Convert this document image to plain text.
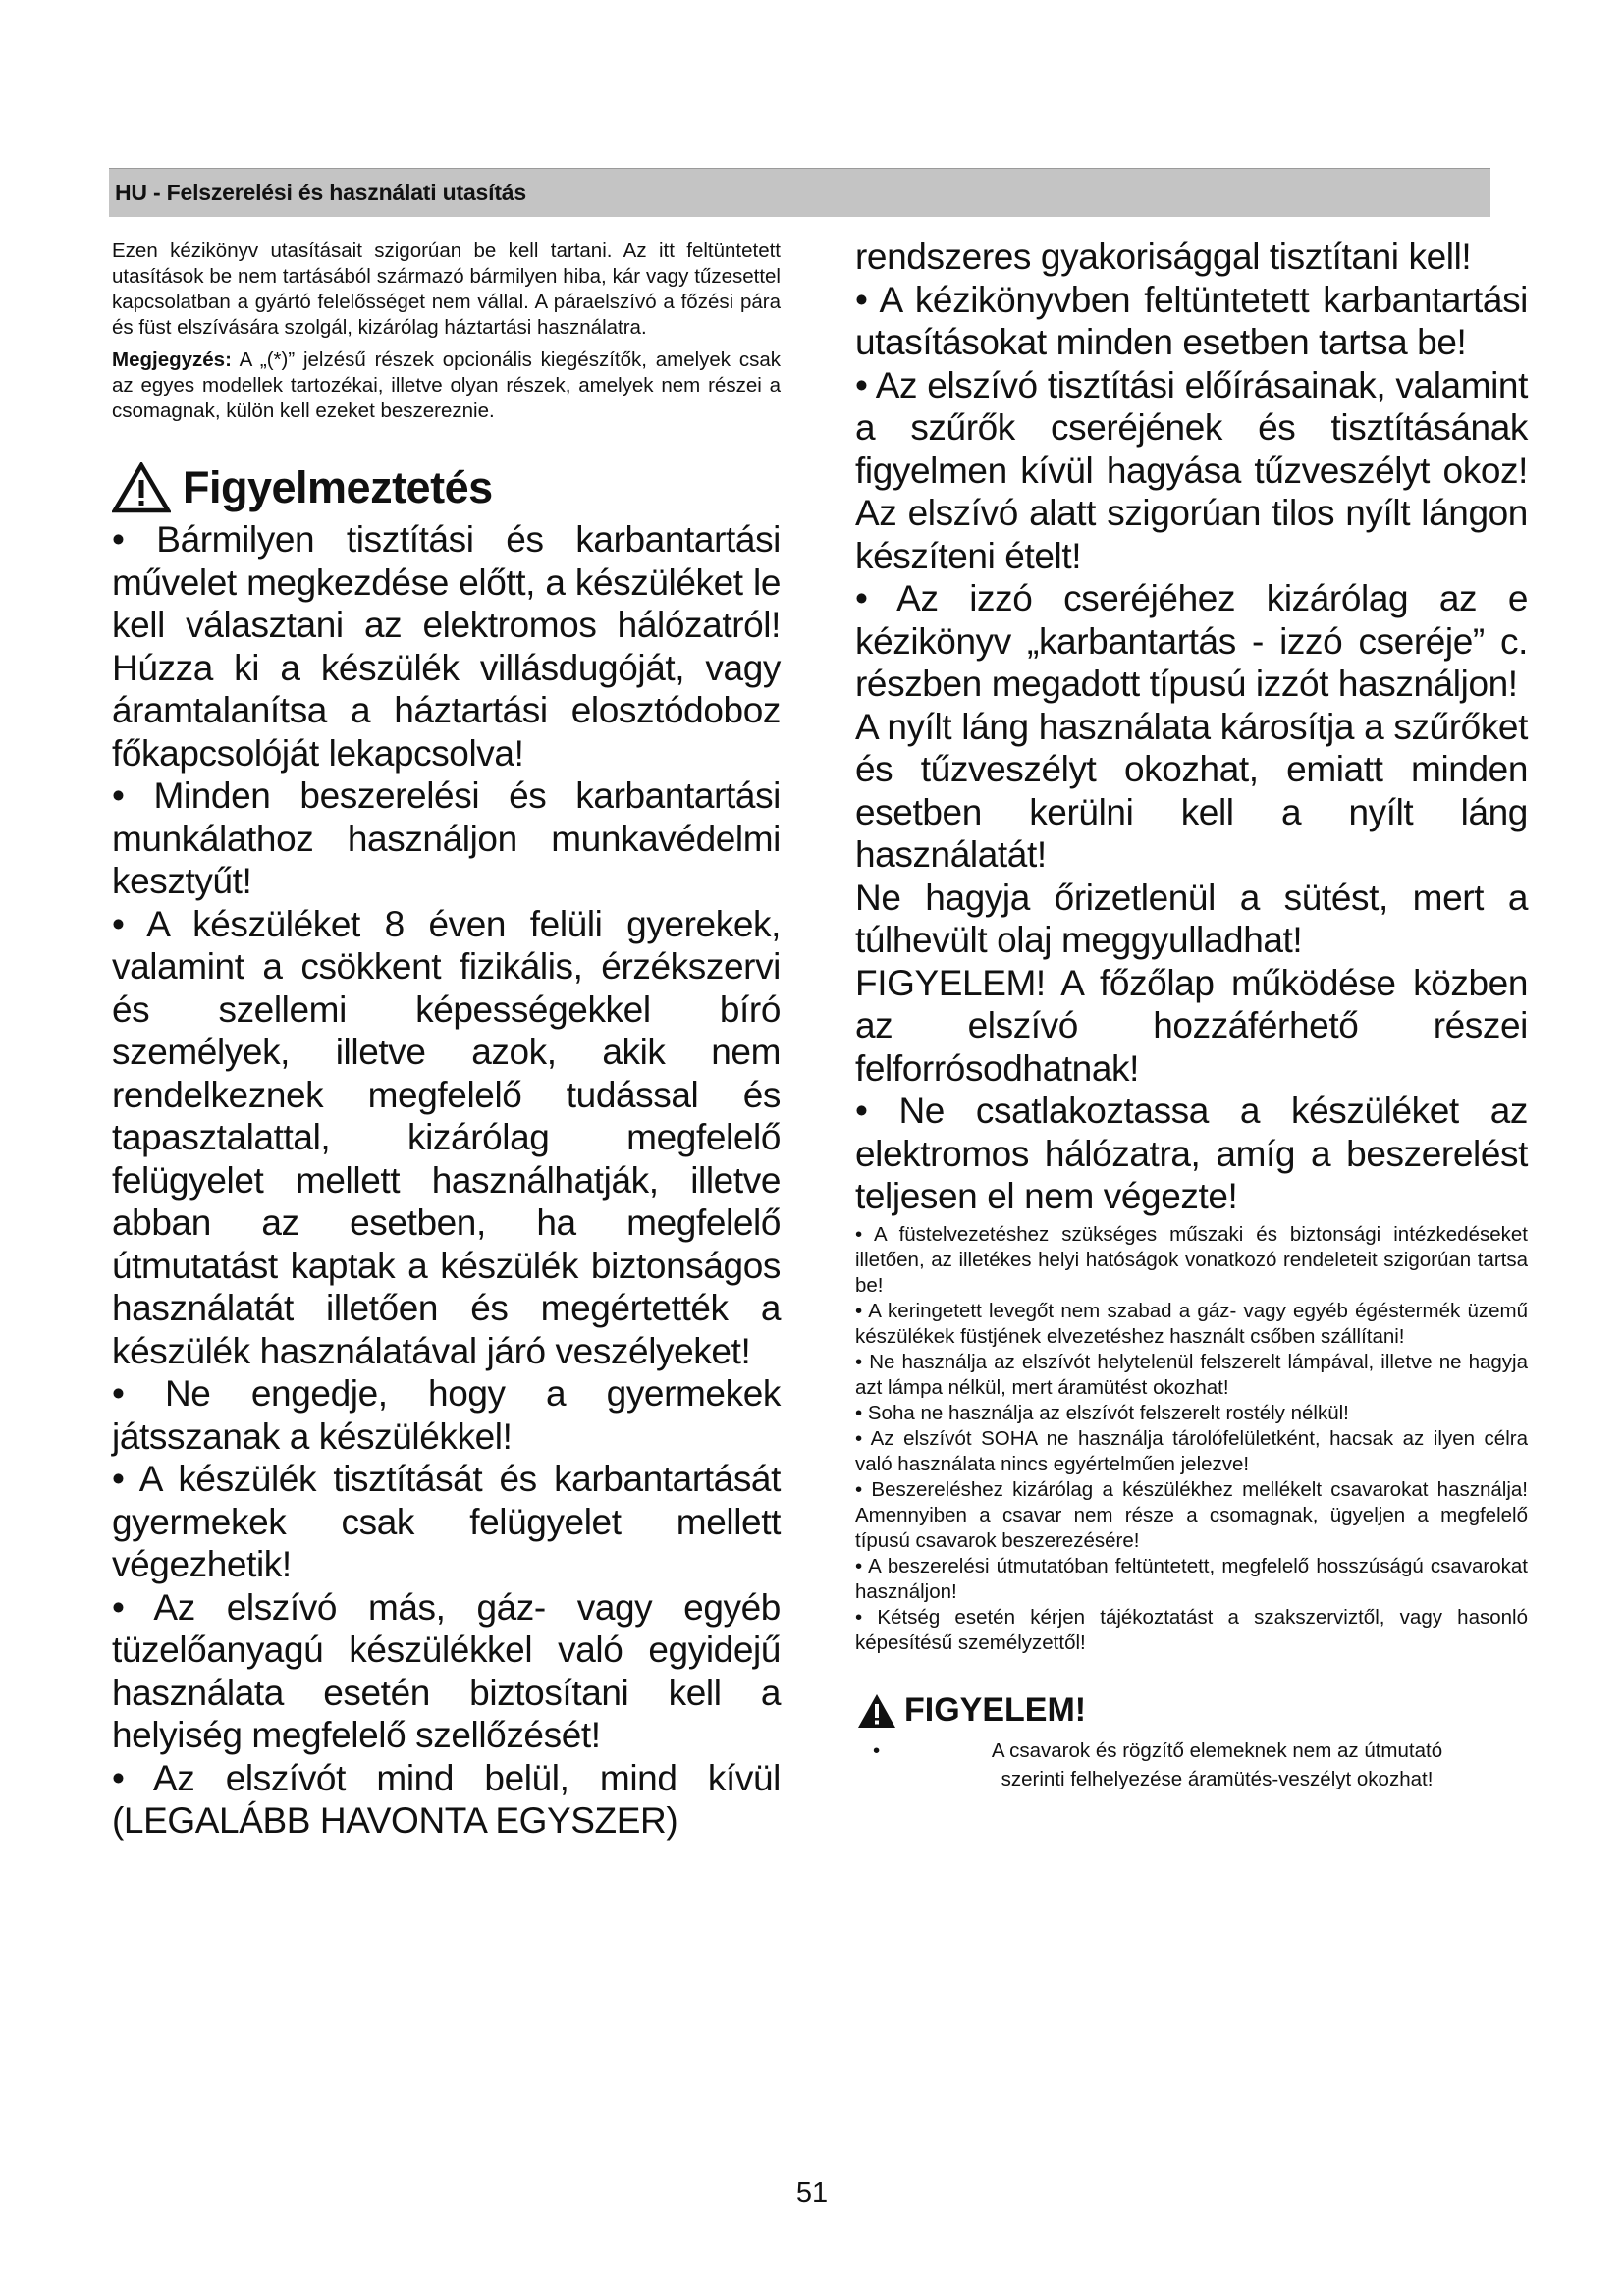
HU - Felszerelési és használati utasítás

Ezen kézikönyv utasításait szigorúan be kell tartani. Az itt feltüntetett utasítások be nem tartásából származó bármilyen hiba, kár vagy tűzesettel kapcsolatban a gyártó felelősséget nem vállal. A páraelszívó a főzési pára és füst elszívására szolgál, kizárólag háztartási használatra.

Megjegyzés: A „(*)” jelzésű részek opcionális kiegészítők, amelyek csak az egyes modellek tartozékai, illetve olyan részek, amelyek nem részei a csomagnak, külön kell ezeket beszereznie.

Figyelmeztetés

• Bármilyen tisztítási és karbantartási művelet megkezdése előtt, a készüléket le kell választani az elektromos hálózatról! Húzza ki a készülék villásdugóját, vagy áramtalanítsa a háztartási elosztódoboz főkapcsolóját lekapcsolva!

• Minden beszerelési és karbantartási munkálathoz használjon munkavédelmi kesztyűt!

• A készüléket 8 éven felüli gyerekek, valamint a csökkent fizikális, érzékszervi és szellemi képességekkel bíró személyek, illetve azok, akik nem rendelkeznek megfelelő tudással és tapasztalattal, kizárólag megfelelő felügyelet mellett használhatják, illetve abban az esetben, ha megfelelő útmutatást kaptak a készülék biztonságos használatát illetően és megértették a készülék használatával járó veszélyeket!

• Ne engedje, hogy a gyermekek játsszanak a készülékkel!

• A készülék tisztítását és karbantartását gyermekek csak felügyelet mellett végezhetik!

• Az elszívó más, gáz- vagy egyéb tüzelőanyagú készülékkel való egyidejű használata esetén biztosítani kell a helyiség megfelelő szellőzését!

• Az elszívót mind belül, mind kívül (LEGALÁBB HAVONTA EGYSZER)

rendszeres gyakorisággal tisztítani kell!

• A kézikönyvben feltüntetett karbantartási utasításokat minden esetben tartsa be!

• Az elszívó tisztítási előírásainak, valamint a szűrők cseréjének és tisztításának figyelmen kívül hagyása tűzveszélyt okoz! Az elszívó alatt szigorúan tilos nyílt lángon készíteni ételt!

• Az izzó cseréjéhez kizárólag az e kézikönyv „karbantartás - izzó cseréje” c. részben megadott típusú izzót használjon!

A nyílt láng használata károsítja a szűrőket és tűzveszélyt okozhat, emiatt minden esetben kerülni kell a nyílt láng használatát!

Ne hagyja őrizetlenül a sütést, mert a túlhevült olaj meggyulladhat!

FIGYELEM! A főzőlap működése közben az elszívó hozzáférhető részei felforrósodhatnak!

• Ne csatlakoztassa a készüléket az elektromos hálózatra, amíg a beszerelést teljesen el nem végezte!

• A füstelvezetéshez szükséges műszaki és biztonsági intézkedéseket illetően, az illetékes helyi hatóságok vonatkozó rendeleteit szigorúan tartsa be!

• A keringetett levegőt nem szabad a gáz- vagy egyéb égéstermék üzemű készülékek füstjének elvezetéshez használt csőben szállítani!

• Ne használja az elszívót helytelenül felszerelt lámpával, illetve ne hagyja azt lámpa nélkül, mert áramütést okozhat!

• Soha ne használja az elszívót felszerelt rostély nélkül!

• Az elszívót SOHA ne használja tárolófelületként, hacsak az ilyen célra való használata nincs egyértelműen jelezve!

• Beszereléshez kizárólag a készülékhez mellékelt csavarokat használja! Amennyiben a csavar nem része a csomagnak, ügyeljen a megfelelő típusú csavarok beszerezésére!

• A beszerelési útmutatóban feltüntetett, megfelelő hosszúságú csavarokat használjon!

• Kétség esetén kérjen tájékoztatást a szakszerviztől, vagy hasonló képesítésű személyzettől!

FIGYELEM!
•	A csavarok és rögzítő elemeknek nem az útmutató
szerinti felhelyezése áramütés-veszélyt okozhat!
51
